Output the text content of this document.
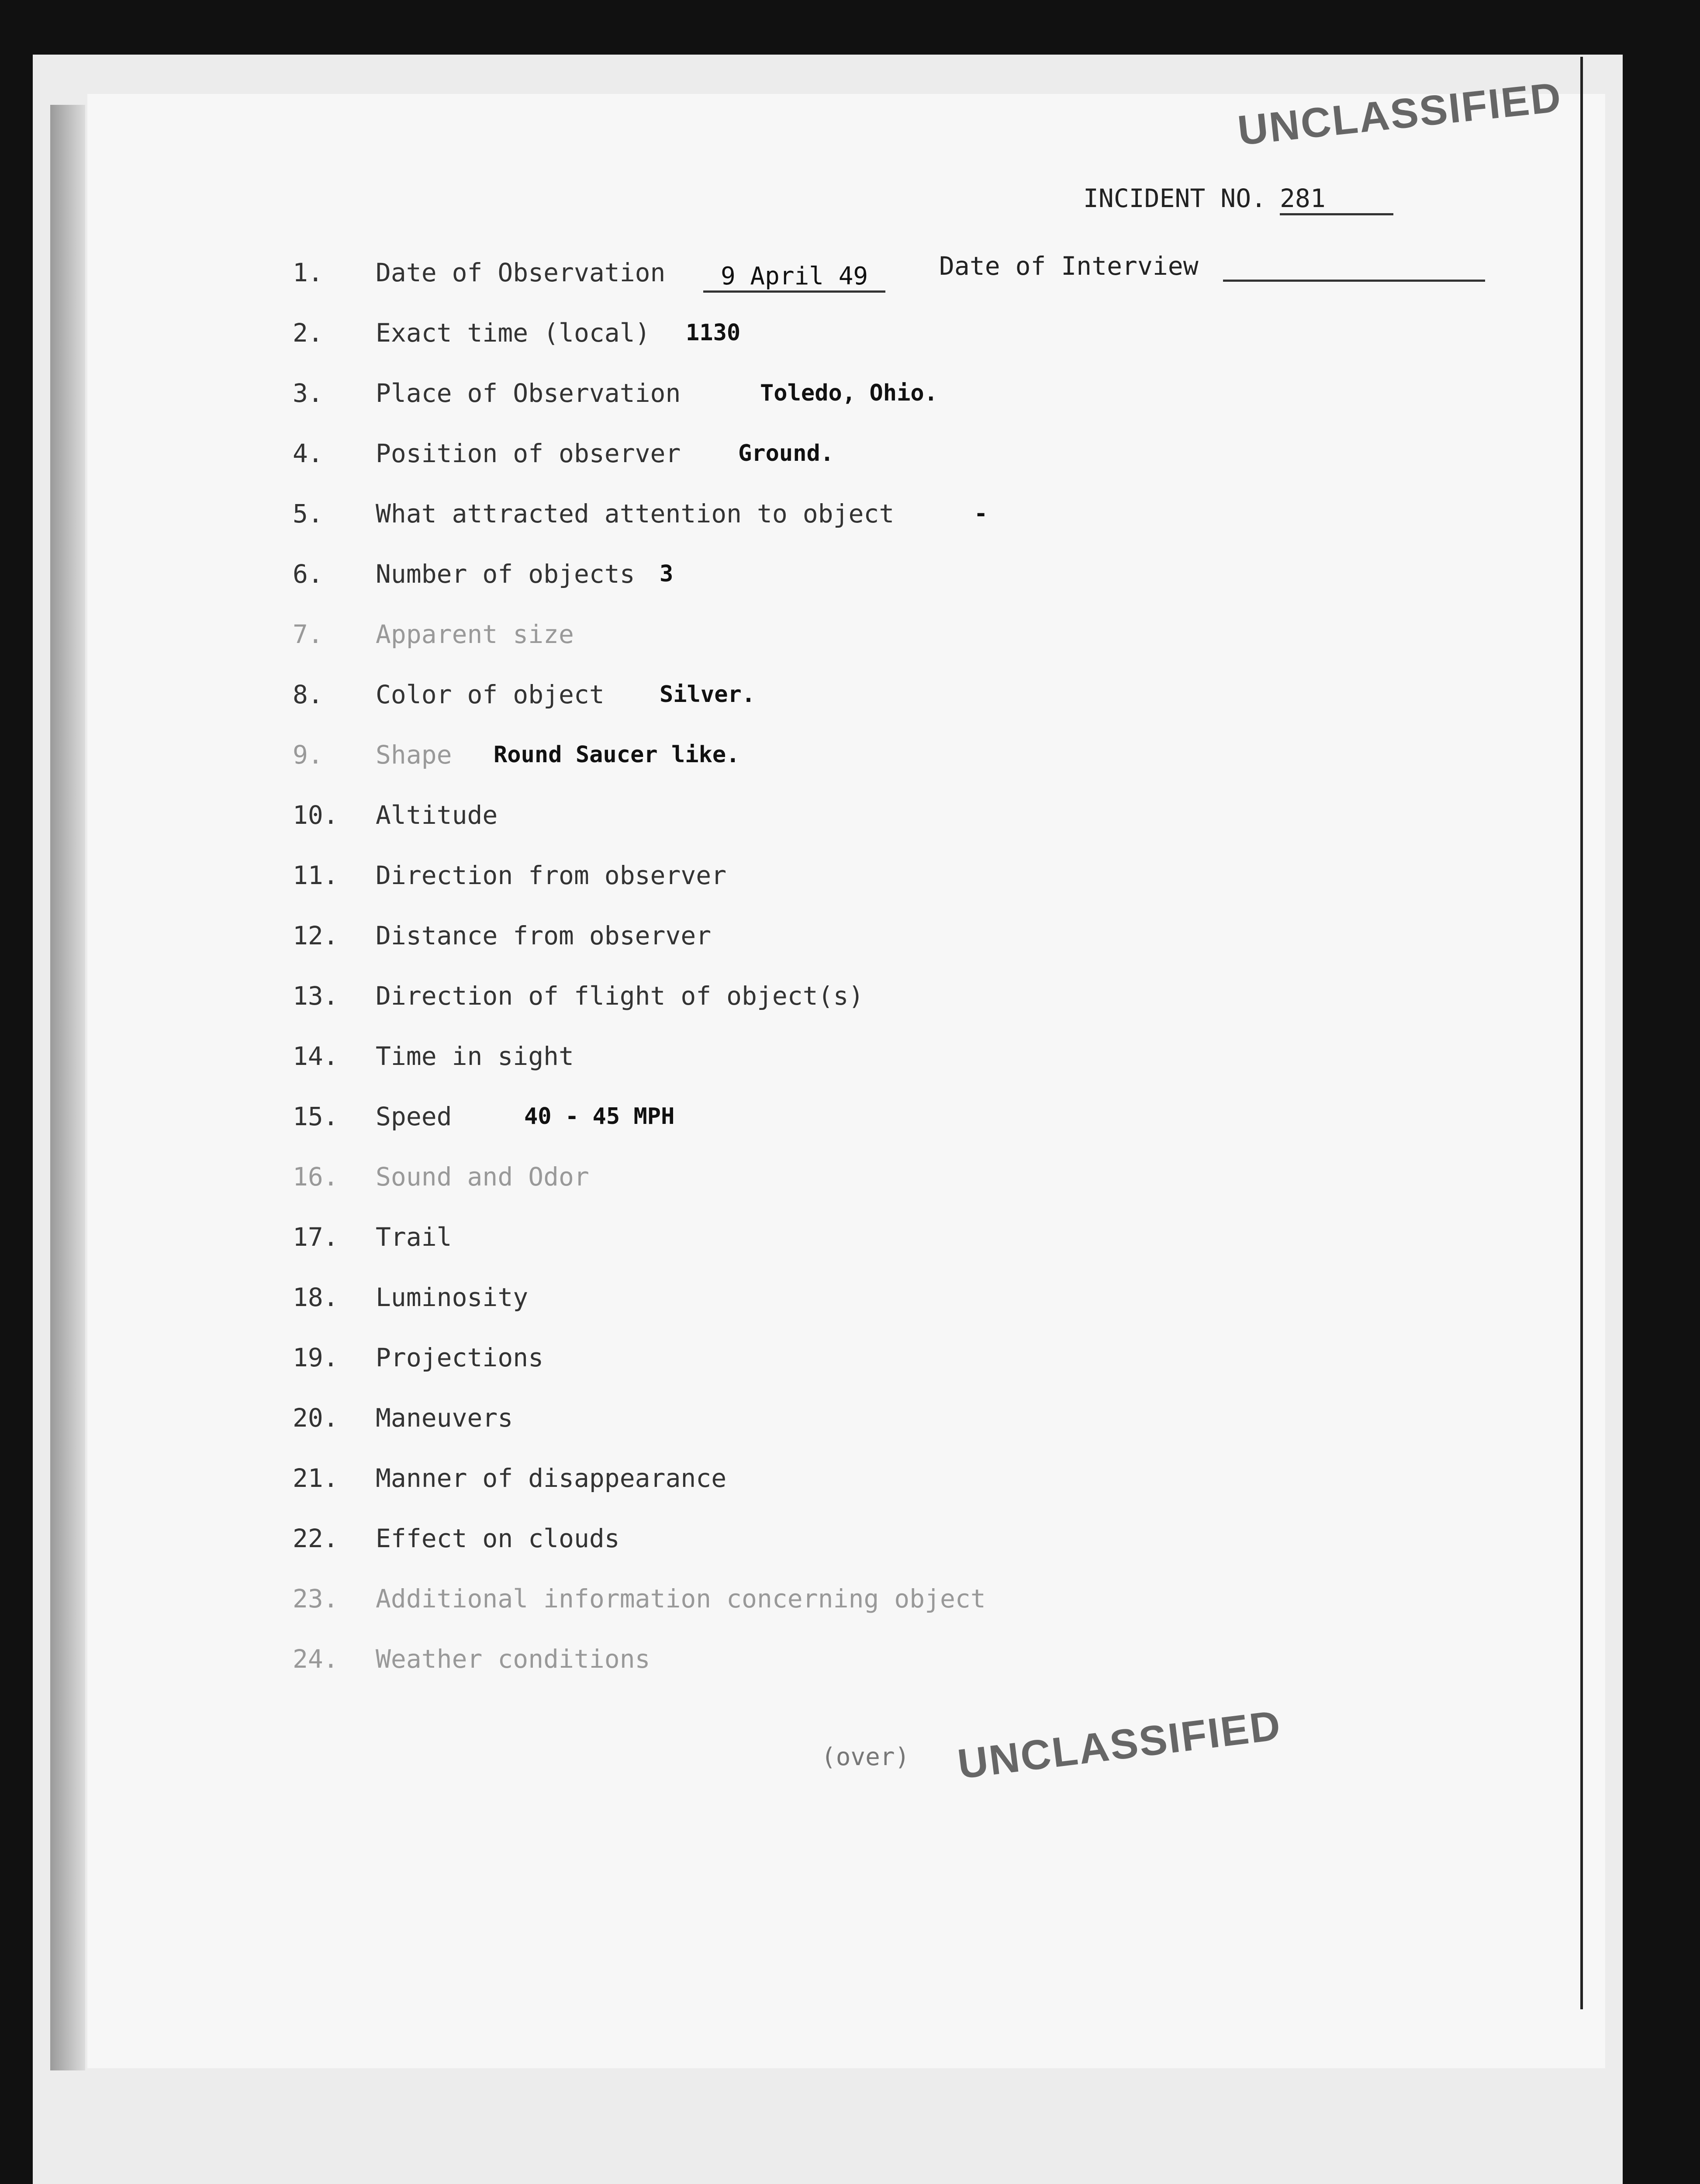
UNCLASSIFIED
INCIDENT NO. 281
Date of Interview
1.	Date of Observation	9 April 49
2.	Exact time (local) 1130
3.	Place of Observation	Toledo, Ohio.
4.	Position of observer	Ground.
5.	What attracted attention to object	-
6.	Number of objects 3
7.	Apparent size
8.	Color of object Silver.
9.	Shape Round Saucer like.
10. Altitude
11. Direction from observer
12. Distance from observer
13. Direction of flight of object(s)
14. Time in sight
15. Speed	40 - 45 MPH
16. Sound and Odor
17. Trail
18. Luminosity
19. Projections
20. Maneuvers
21. Manner of disappearance
22. Effect on clouds
23. Additional information concerning object
24. Weather conditions
(over) UNCLASSIFIED
